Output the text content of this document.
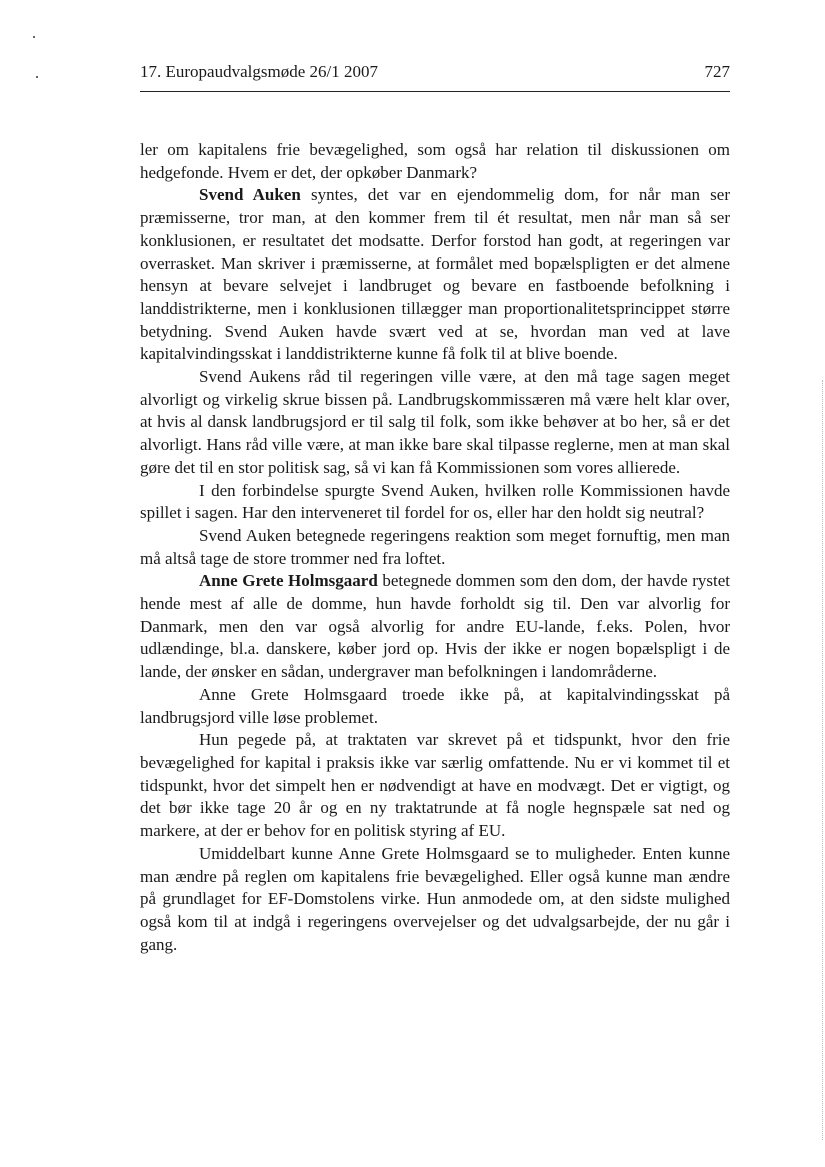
17. Europaudvalgsmøde 26/1 2007	727

ler om kapitalens frie bevægelighed, som også har relation til diskussionen om hedgefonde. Hvem er det, der opkøber Danmark?

Svend Auken syntes, det var en ejendommelig dom, for når man ser præmisserne, tror man, at den kommer frem til ét resultat, men når man så ser konklusionen, er resultatet det modsatte. Derfor forstod han godt, at regeringen var overrasket. Man skriver i præmisserne, at formålet med bopælspligten er det almene hensyn at bevare selvejet i landbruget og bevare en fastboende befolkning i landdistrikterne, men i konklusionen tillægger man proportionalitetsprincippet større betydning. Svend Auken havde svært ved at se, hvordan man ved at lave kapitalvindingsskat i landdistrikterne kunne få folk til at blive boende.

Svend Aukens råd til regeringen ville være, at den må tage sagen meget alvorligt og virkelig skrue bissen på. Landbrugskommissæren må være helt klar over, at hvis al dansk landbrugsjord er til salg til folk, som ikke behøver at bo her, så er det alvorligt. Hans råd ville være, at man ikke bare skal tilpasse reglerne, men at man skal gøre det til en stor politisk sag, så vi kan få Kommissionen som vores allierede.

I den forbindelse spurgte Svend Auken, hvilken rolle Kommissionen havde spillet i sagen. Har den interveneret til fordel for os, eller har den holdt sig neutral?

Svend Auken betegnede regeringens reaktion som meget fornuftig, men man må altså tage de store trommer ned fra loftet.

Anne Grete Holmsgaard betegnede dommen som den dom, der havde rystet hende mest af alle de domme, hun havde forholdt sig til. Den var alvorlig for Danmark, men den var også alvorlig for andre EU-lande, f.eks. Polen, hvor udlændinge, bl.a. danskere, køber jord op. Hvis der ikke er nogen bopælspligt i de lande, der ønsker en sådan, undergraver man befolkningen i landområderne.

Anne Grete Holmsgaard troede ikke på, at kapitalvindingsskat på landbrugsjord ville løse problemet.

Hun pegede på, at traktaten var skrevet på et tidspunkt, hvor den frie bevægelighed for kapital i praksis ikke var særlig omfattende. Nu er vi kommet til et tidspunkt, hvor det simpelt hen er nødvendigt at have en modvægt. Det er vigtigt, og det bør ikke tage 20 år og en ny traktatrunde at få nogle hegnspæle sat ned og markere, at der er behov for en politisk styring af EU.

Umiddelbart kunne Anne Grete Holmsgaard se to muligheder. Enten kunne man ændre på reglen om kapitalens frie bevægelighed. Eller også kunne man ændre på grundlaget for EF-Domstolens virke. Hun anmodede om, at den sidste mulighed også kom til at indgå i regeringens overvejelser og det udvalgsarbejde, der nu går i gang.
